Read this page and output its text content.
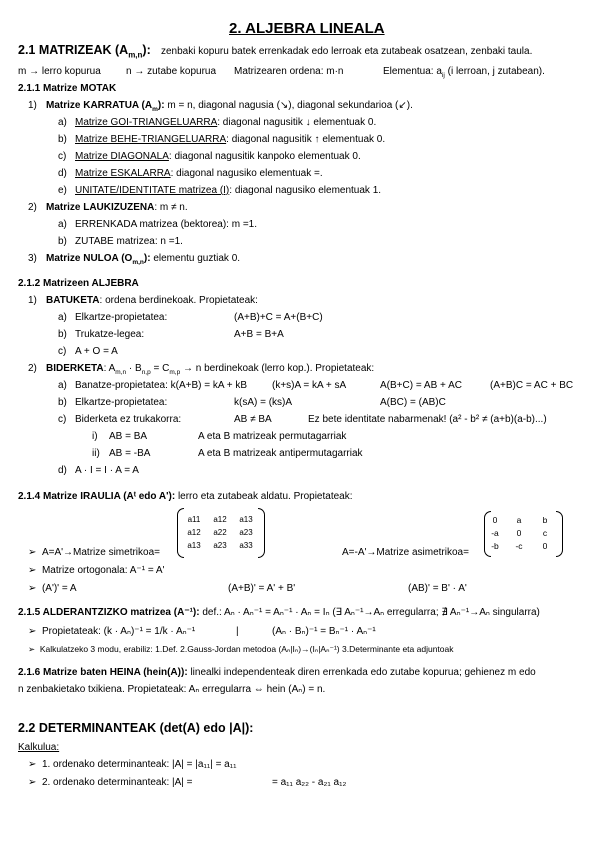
2. ALJEBRA LINEALA
2.1 MATRIZEAK $(A_{m,n})$: zenbaki kopuru batek errenkadak edo lerroak eta zutabeak osatzean, zenbaki taula.
m → lerro kopurua	n → zutabe kopurua Matrizearen ordena: m·n	Elementua: $a_{ij}$ (i lerroan, j zutabean).
2.1.1 Matrize MOTAK
1) Matrize KARRATUA $(A_m)$: m = n, diagonal nagusia (↘), diagonal sekundarioa (↙).
a) Matrize GOI-TRIANGELUARRA: diagonal nagusitik ↓ elementuak 0.
b) Matrize BEHE-TRIANGELUARRA: diagonal nagusitik ↑ elementuak 0.
c) Matrize DIAGONALA: diagonal nagusitik kanpoko elementuak 0.
d) Matrize ESKALARRA: diagonal nagusiko elementuak =.
e) UNITATE/IDENTITATE matrizea (I): diagonal nagusiko elementuak 1.
2) Matrize LAUKIZUZENA: m ≠ n.
a) ERRENKADA matrizea (bektorea): m =1.
b) ZUTABE matrizea: n =1.
3) Matrize NULOA $(O_{m,n})$: elementu guztiak 0.
2.1.2 Matrizeen ALJEBRA
1) BATUKETA: ordena berdinekoak. Propietateak:
a) Elkartze-propietatea:	(A+B)+C = A+(B+C)
b) Trukatze-legea:	A+B = B+A
c) A + O = A
2) BIDERKETA: $A_{m,n} \cdot B_{n,p} = C_{m,p} \to n$ berdinekoak (lerro kop.). Propietateak:
a) Banatze-propietatea: k(A+B) = kA + kB (k+s)A = kA + sA	A(B+C) = AB + AC	(A+B)C = AC + BC
b) Elkartze-propietatea:	k(sA) = (ks)A	A(BC) = (AB)C
c) Biderketa ez trukakorra:	AB ≠ BA	Ez bete identitate nabarmenak! (a² - b² ≠ (a+b)(a-b)...)
i) AB = BA	A eta B matrizeak permutagarriak
ii) AB = -BA	A eta B matrizeak antipermutagarriak
d) A · I = I · A = A
2.1.4 Matrize IRAULIA (Aᵗ edo A'): lerro eta zutabeak aldatu. Propietateak:
➢  A=A'→Matrize simetrikoa=
a11	a12	a13
a12	a22	a23
a13	a23	a33
A=-A'→Matrize asimetrikoa=
0	a	b
-a	0	c
-b	-c	0
➢  Matrize ortogonala: A⁻¹ = A'
➢  (A')' = A	(A+B)' = A' + B'	(AB)' = B' · A'
2.1.5 ALDERANTZIZKO matrizea (A⁻¹): def.: Aₙ · Aₙ⁻¹ = Aₙ⁻¹ · Aₙ = Iₙ (∃ Aₙ⁻¹→Aₙ erregularra; ∄ Aₙ⁻¹→Aₙ singularra)
➢  Propietateak: (k · Aₙ)⁻¹ = 1/k · Aₙ⁻¹	|	(Aₙ · Bₙ)⁻¹ = Bₙ⁻¹ · Aₙ⁻¹
➢  Kalkulatzeko 3 modu, erabiliz: 1.Def. 2.Gauss-Jordan metodoa (Aₙ|Iₙ)→(Iₙ|Aₙ⁻¹) 3.Determinante eta adjuntoak
2.1.6 Matrize baten HEINA (hein(A)): linealki independenteak diren errenkada edo zutabe kopurua; gehienez m edo
n zenbakietako txikiena. Propietateak: Aₙ erregularra ⇔ hein (Aₙ) = n.
2.2 DETERMINANTEAK (det(A) edo |A|):
Kalkulua:
➢  1. ordenako determinanteak: |A| = |a₁₁| = a₁₁
➢  2. ordenako determinanteak: |A| =	= a₁₁ a₂₂ - a₂₁ a₁₂
